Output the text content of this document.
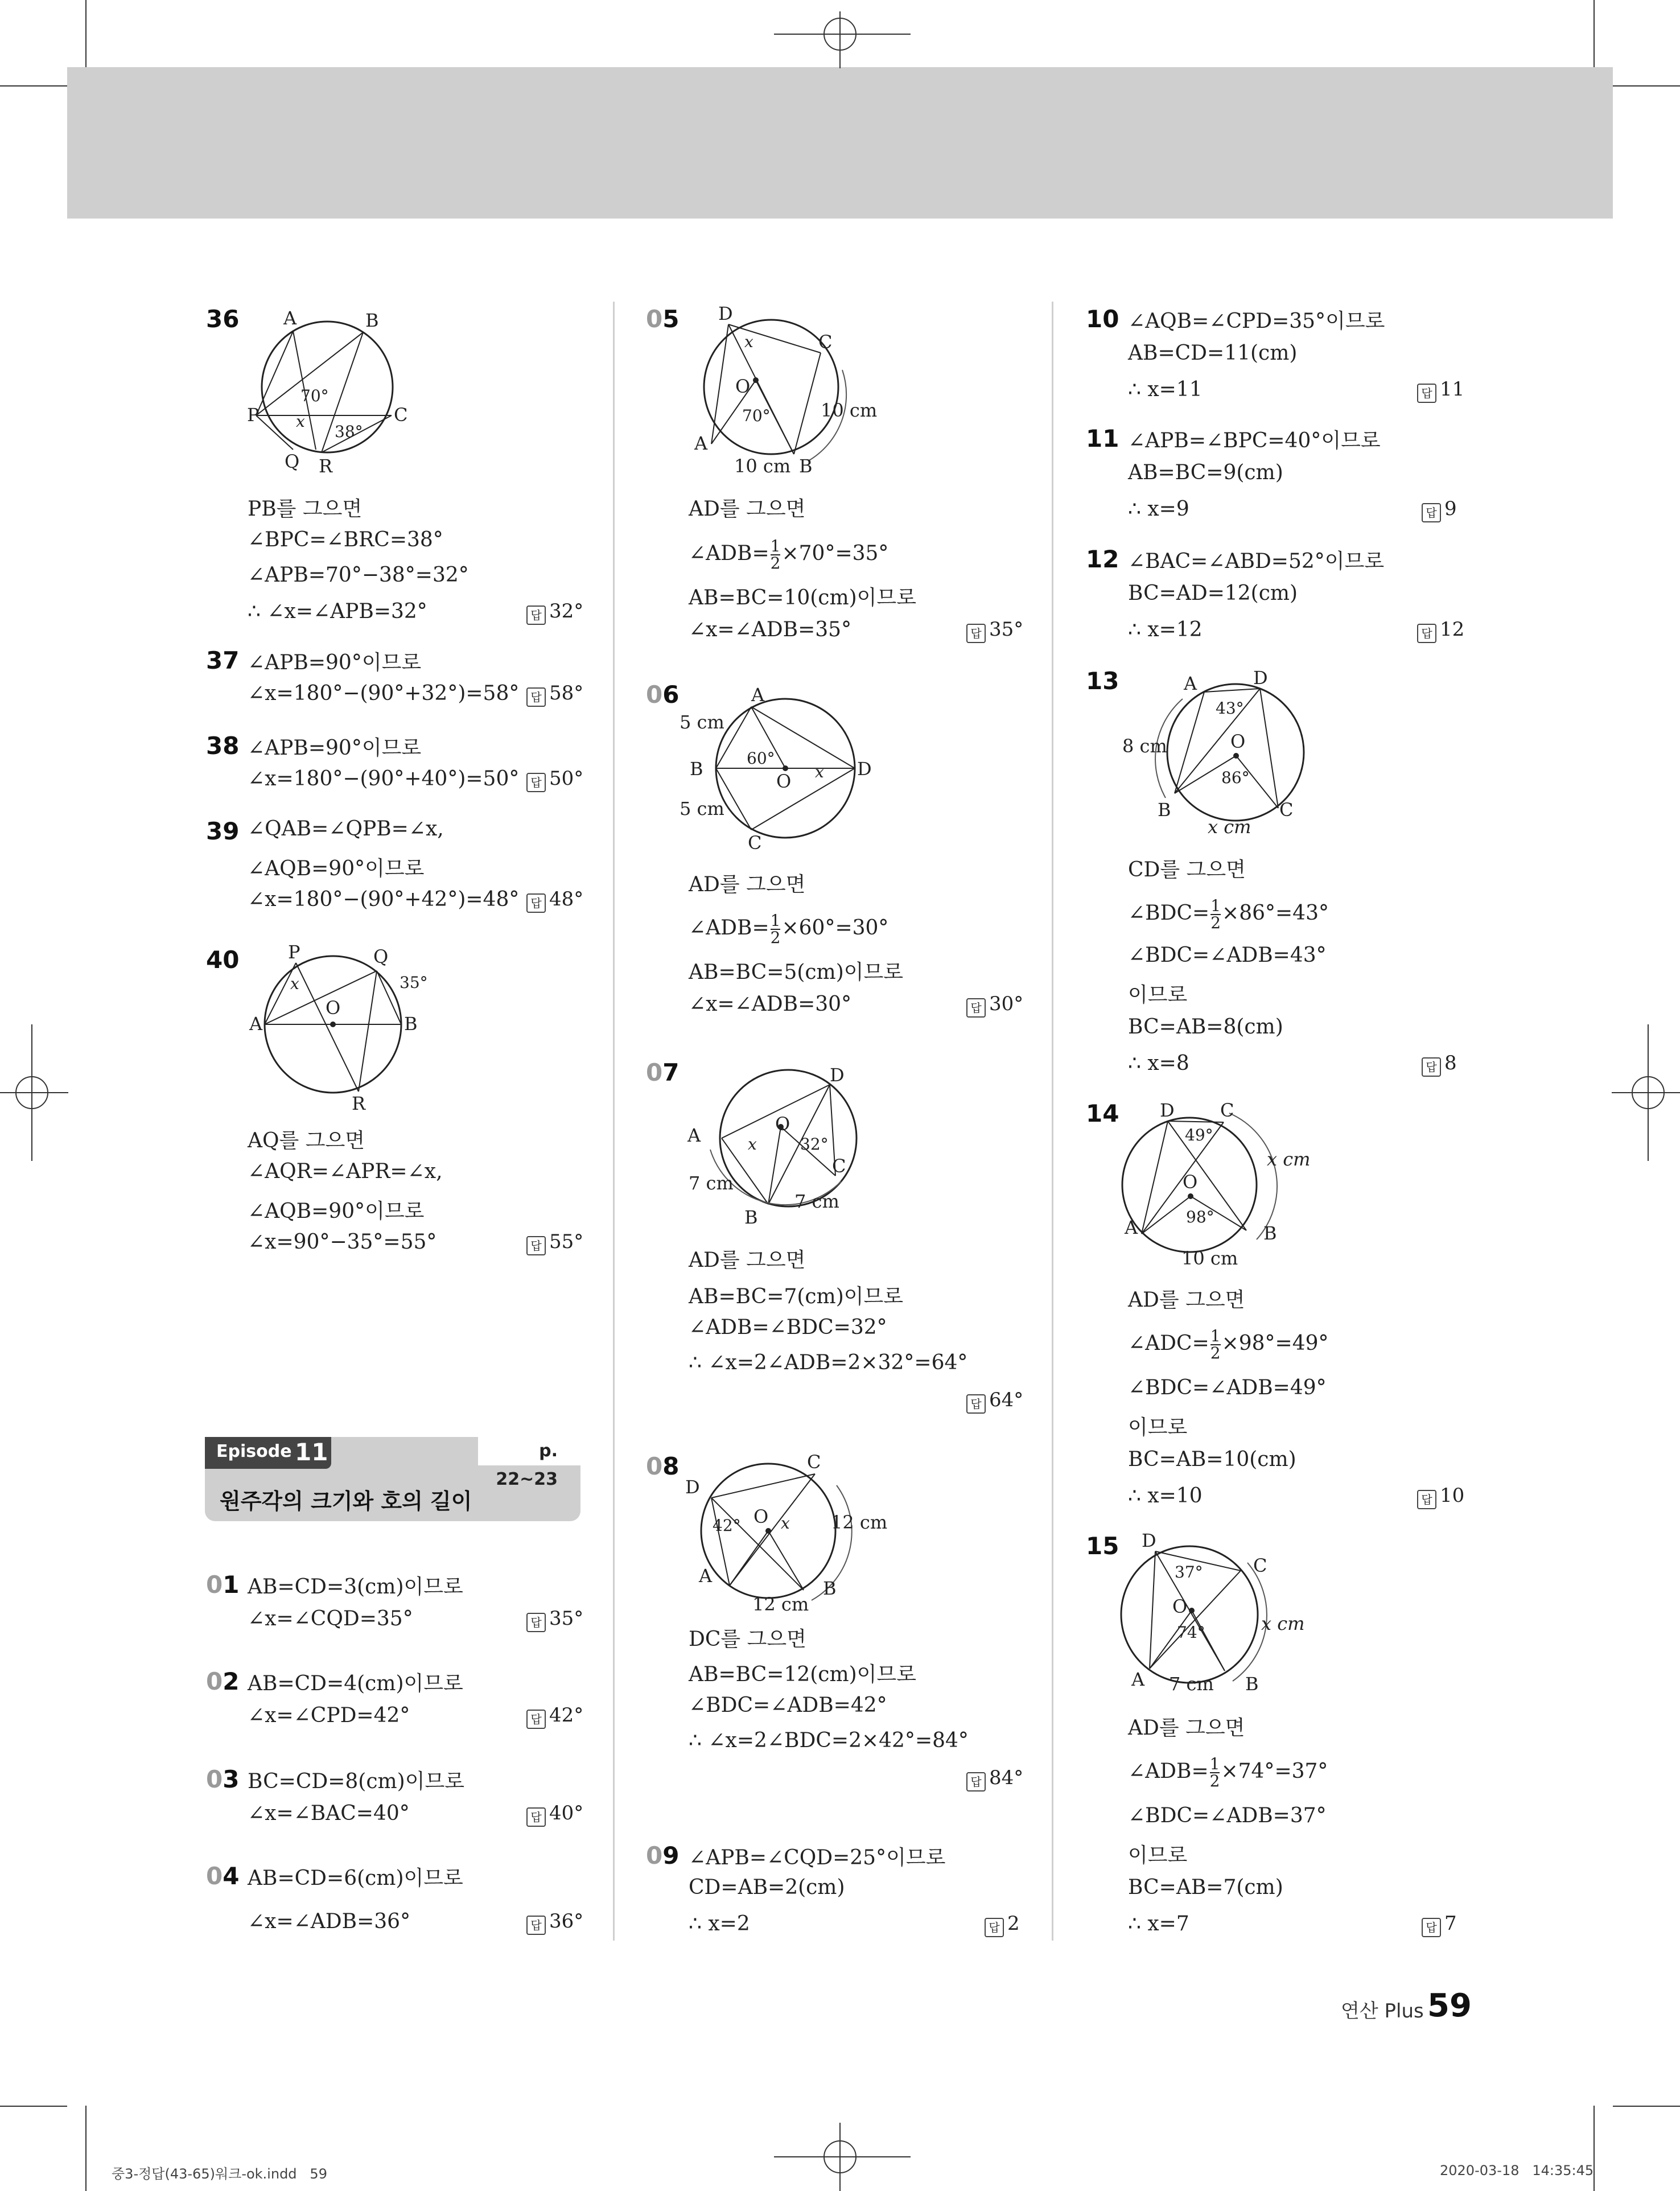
36 A	B
P	C
Q R
70°
x
38°
PB를 그으면
∠BPC=∠BRC=38°
∠APB=70°−38°=32°
∴ ∠x=∠APB=32°	답 32°
37 ∠APB=90°이므로
∠x=180°−(90°+32°)=58° 답 58°
38 ∠APB=90°이므로
∠x=180°−(90°+40°)=50° 답 50°
39 ∠QAB=∠QPB=∠x,
∠AQB=90°이므로
∠x=180°−(90°+42°)=48° 답 48°
40	P	Q
35°
x
O
A	B
R
AQ를 그으면
∠AQR=∠APR=∠x,
∠AQB=90°이므로
∠x=90°−35°=55°	답 55°
Episode 11	p. 22~23
원주각의 크기와 호의 길이
01 AB=CD=3(cm)이므로
∠x=∠CQD=35°	답 35°
02 AB=CD=4(cm)이므로
∠x=∠CPD=42°	답 42°
03 BC=CD=8(cm)이므로
∠x=∠BAC=40°	답 40°
04 AB=CD=6(cm)이므로
∠x=∠ADB=36°	답 36°
05 D
x	C
O
70°	10 cm
A
10 cm B
AD를 그으면
∠ADB= $\frac{1}{2} \times 70^\circ=35^\circ$
AB=BC=10(cm)이므로
∠x=∠ADB=35°	답 35°
06	A
5 cm
B	60°
x D
O
5 cm
C
AD를 그으면
∠ADB= $\frac{1}{2} \times 60^\circ=30^\circ$
AB=BC=5(cm)이므로
∠x=∠ADB=30°	답 30°
07	D
A
O
x	32°
C
7 cm
7 cm
B
AD를 그으면
AB=BC=7(cm)이므로
∠ADB=∠BDC=32°
∴ ∠x=2∠ADB=2×32°=64°
답 64°
08	C
D
O
42°	x 12 cm
A
12 cm
B
DC를 그으면
AB=BC=12(cm)이므로
∠BDC=∠ADB=42°
∴ ∠x=2∠BDC=2×42°=84°
답 84°
09 ∠APB=∠CQD=25°이므로
CD=AB=2(cm)
∴ x=2	답 2
10 ∠AQB=∠CPD=35°이므로
AB=CD=11(cm)
∴ x=11	답 11
11 ∠APB=∠BPC=40°이므로
AB=BC=9(cm)
∴ x=9	답 9
12 ∠BAC=∠ABD=52°이므로
BC=AD=12(cm)
∴ x=12	답 12
13	A	D
43°
8 cm	O
86°
B	C
x cm
CD를 그으면
∠BDC= $\frac{1}{2} \times 86^\circ=43^\circ$
∠BDC=∠ADB=43°
이므로
BC=AB=8(cm)
∴ x=8	답 8
14 D	C
49°
x cm
O
98°
A	B
10 cm
AD를 그으면
∠ADC= $\frac{1}{2} \times 98^\circ=49^\circ$
∠BDC=∠ADB=49°
이므로
BC=AB=10(cm)
∴ x=10	답 10
15 D
C
37°
O
74°	x cm
A 7 cm B
AD를 그으면
∠ADB= $\frac{1}{2} \times 74^\circ=37^\circ$
∠BDC=∠ADB=37°
이므로
BC=AB=7(cm)
∴ x=7	답 7
연산 Plus 59
중3-정답(43-65)워크-ok.indd   59	2020-03-18   14:35:45
